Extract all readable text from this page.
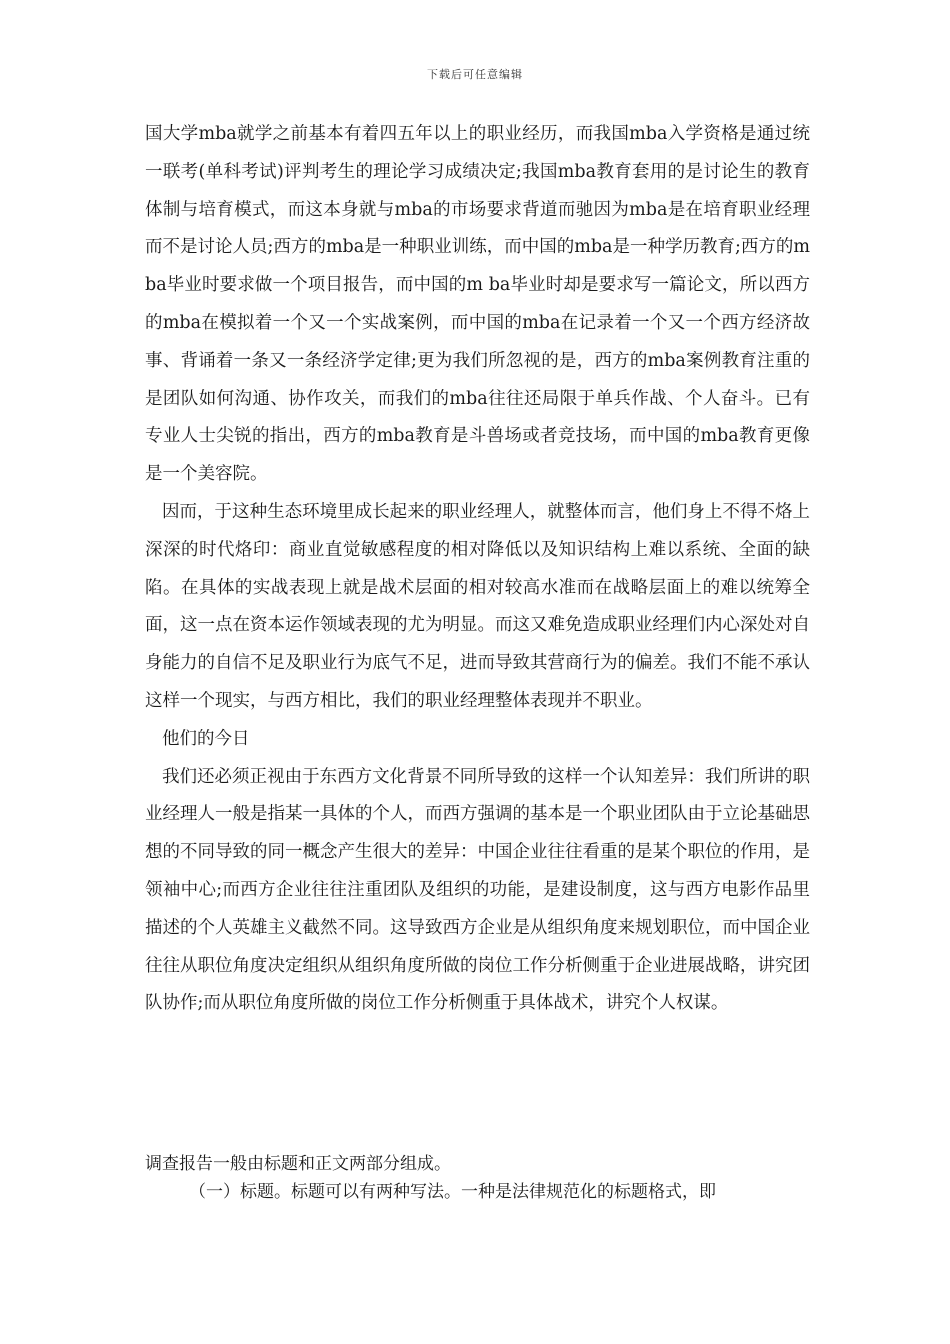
下载后可任意编辑

国大学mba就学之前基本有着四五年以上的职业经历，而我国mba入学资格是通过统一联考(单科考试)评判考生的理论学习成绩决定;我国mba教育套用的是讨论生的教育体制与培育模式，而这本身就与mba的市场要求背道而驰因为mba是在培育职业经理而不是讨论人员;西方的mba是一种职业训练，而中国的mba是一种学历教育;西方的m ba毕业时要求做一个项目报告，而中国的m ba毕业时却是要求写一篇论文，所以西方的mba在模拟着一个又一个实战案例，而中国的mba在记录着一个又一个西方经济故事、背诵着一条又一条经济学定律;更为我们所忽视的是，西方的mba案例教育注重的是团队如何沟通、协作攻关，而我们的mba往往还局限于单兵作战、个人奋斗。已有专业人士尖锐的指出，西方的mba教育是斗兽场或者竞技场，而中国的mba教育更像是一个美容院。

因而，于这种生态环境里成长起来的职业经理人，就整体而言，他们身上不得不烙上深深的时代烙印：商业直觉敏感程度的相对降低以及知识结构上难以系统、全面的缺陷。在具体的实战表现上就是战术层面的相对较高水准而在战略层面上的难以统筹全面，这一点在资本运作领域表现的尤为明显。而这又难免造成职业经理们内心深处对自身能力的自信不足及职业行为底气不足，进而导致其营商行为的偏差。我们不能不承认这样一个现实，与西方相比，我们的职业经理整体表现并不职业。

他们的今日

我们还必须正视由于东西方文化背景不同所导致的这样一个认知差异：我们所讲的职业经理人一般是指某一具体的个人，而西方强调的基本是一个职业团队由于立论基础思想的不同导致的同一概念产生很大的差异：中国企业往往看重的是某个职位的作用，是领袖中心;而西方企业往往注重团队及组织的功能，是建设制度，这与西方电影作品里描述的个人英雄主义截然不同。这导致西方企业是从组织角度来规划职位，而中国企业往往从职位角度决定组织从组织角度所做的岗位工作分析侧重于企业进展战略，讲究团队协作;而从职位角度所做的岗位工作分析侧重于具体战术，讲究个人权谋。

调查报告一般由标题和正文两部分组成。

（一）标题。标题可以有两种写法。一种是法律规范化的标题格式，即
